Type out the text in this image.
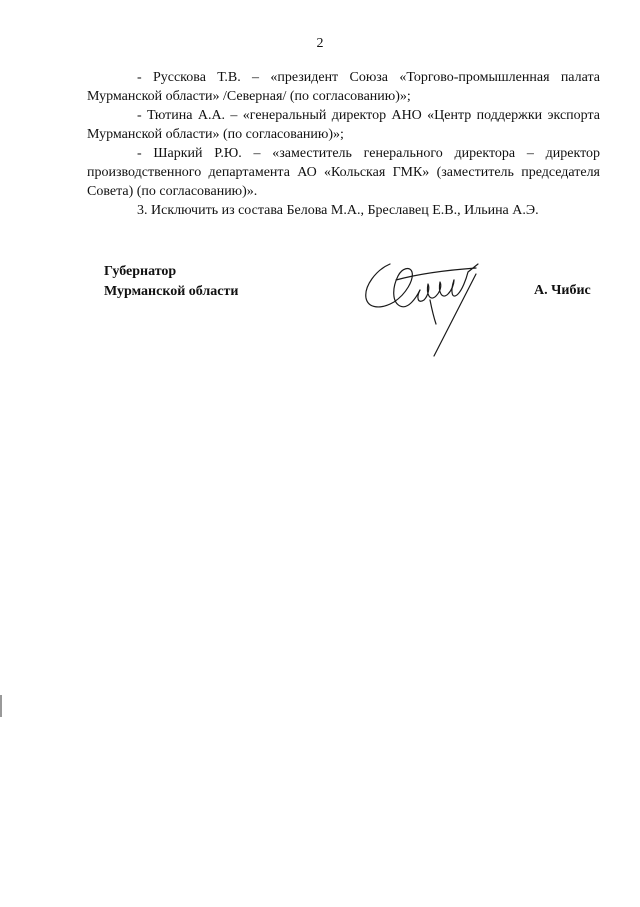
2

- Русскова Т.В. – «президент Союза «Торгово-промышленная палата Мурманской области» /Северная/ (по согласованию)»;

- Тютина А.А. – «генеральный директор АНО «Центр поддержки экспорта Мурманской области» (по согласованию)»;

- Шаркий Р.Ю. – «заместитель генерального директора – директор производственного департамента АО «Кольская ГМК» (заместитель председателя Совета) (по согласованию)».

3. Исключить из состава Белова М.А., Бреславец Е.В., Ильина А.Э.

Губернатор
Мурманской области	А. Чибис
